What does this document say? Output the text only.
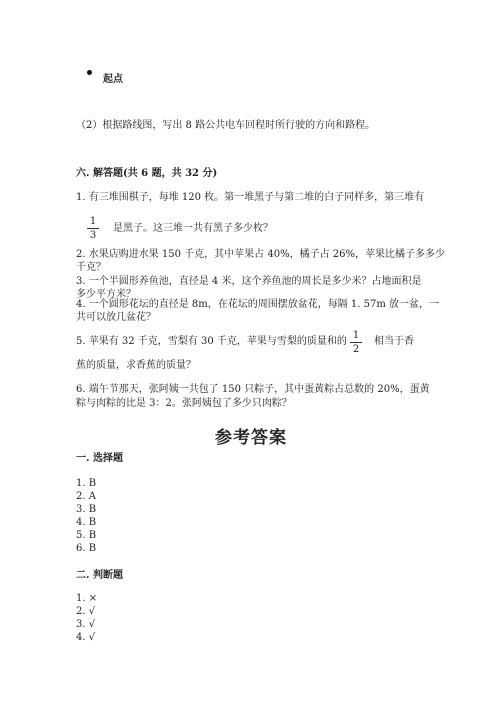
起点
（2）根据路线图，写出 8 路公共电车回程时所行驶的方向和路程。
六. 解答题(共 6 题，共 32 分)
1. 有三堆围棋子，每堆 120 枚。第一堆黑子与第二堆的白子同样多，第三堆有
1
3
是黑子。这三堆一共有黑子多少枚？
2. 水果店购进水果 150 千克，其中苹果占 40%，橘子占 26%，苹果比橘子多多少
千克？
3. 一个半圆形养鱼池，直径是 4 米，这个养鱼池的周长是多少米？占地面积是
多少平方米？
4. 一个圆形花坛的直径是 8m，在花坛的周围摆放盆花，每隔 1. 57m 放一盆，一
共可以放几盆花？
5. 苹果有 32 千克，雪梨有 30 千克，苹果与雪梨的质量和的
1
2
相当于香
蕉的质量，求香蕉的质量？
6. 端午节那天，张阿姨一共包了 150 只粽子，其中蛋黄粽占总数的 20%，蛋黄
粽与肉粽的比是 3：2。张阿姨包了多少只肉粽？
参考答案
一. 选择题
1. B
2. A
3. B
4. B
5. B
6. B
二. 判断题
1. ×
2. √
3. √
4. √
